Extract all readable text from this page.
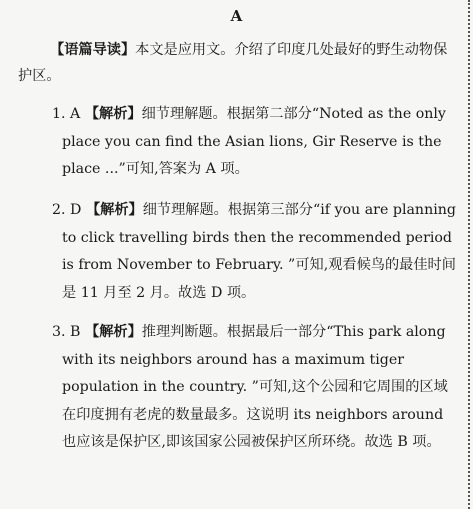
A
【语篇导读】本文是应用文。介绍了印度几处最好的野生动物保护区。
1. A 【解析】细节理解题。根据第二部分“Noted as the only place you can find the Asian lions, Gir Reserve is the place ...”可知,答案为 A 项。
2. D 【解析】细节理解题。根据第三部分“if you are planning to click travelling birds then the recommended period is from November to February. ”可知,观看候鸟的最佳时间是 11 月至 2 月。故选 D 项。
3. B 【解析】推理判断题。根据最后一部分“This park along with its neighbors around has a maximum tiger population in the country. ”可知,这个公园和它周围的区域在印度拥有老虎的数量最多。这说明 its neighbors around 也应该是保护区,即该国家公园被保护区所环绕。故选 B 项。
